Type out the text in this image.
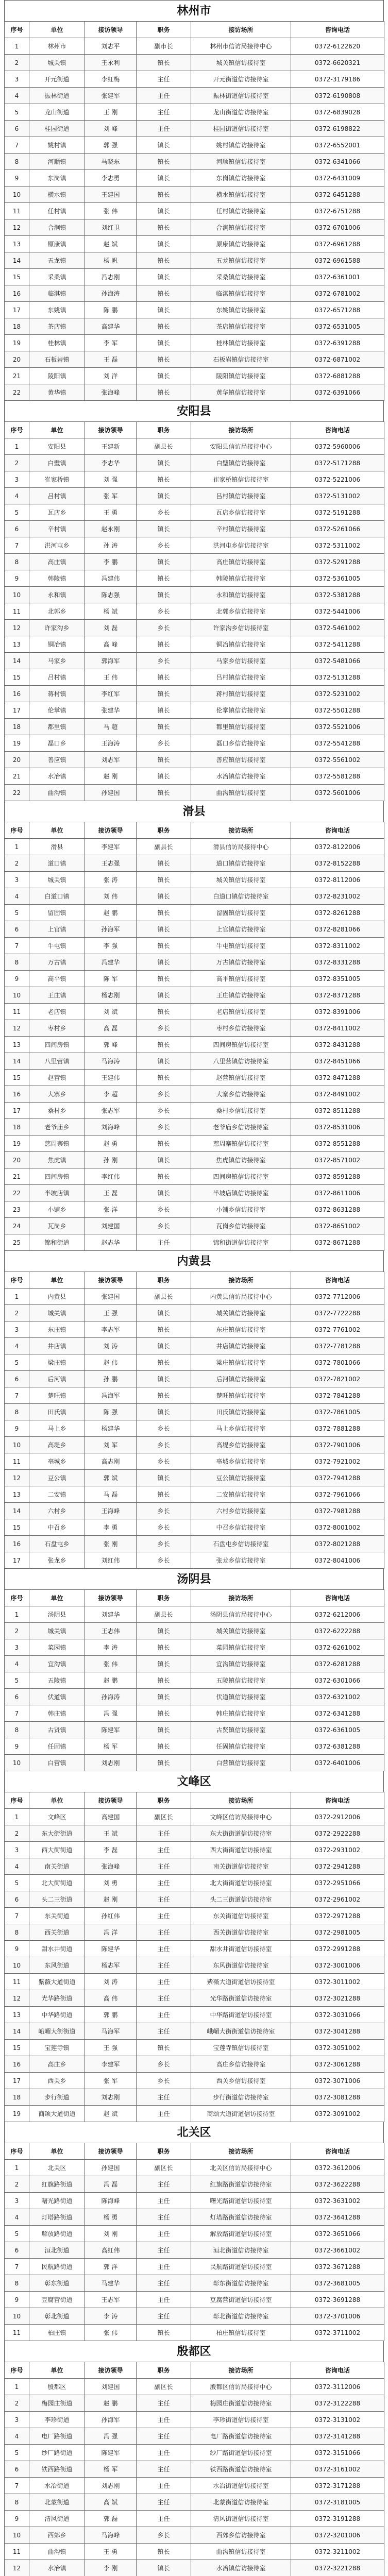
林州市
序号	单位	接访领导	职务	接访场所	咨询电话
1	林州市	刘志平	副市长	林州市信访局接待中心	0372-6122620
2	城关镇	王永利	镇长	城关镇信访接待室	0372-6620321
3	开元街道	李红梅	主任	开元街道信访接待室	0372-3179186
4	振林街道	张建军	主任	振林街道信访接待室	0372-6190808
5	龙山街道	王 刚	主任	龙山街道信访接待室	0372-6839028
6	桂园街道	刘 峰	主任	桂园街道信访接待室	0372-6198822
7	姚村镇	郭 强	镇长	姚村镇信访接待室	0372-6552001
8	河顺镇	马晓东	镇长	河顺镇信访接待室	0372-6341066
9	东岗镇	李志勇	镇长	东岗镇信访接待室	0372-6431009
10	横水镇	王建国	镇长	横水镇信访接待室	0372-6451288
11	任村镇	张 伟	镇长	任村镇信访接待室	0372-6751288
12	合涧镇	刘红卫	镇长	合涧镇信访接待室	0372-6701006
13	原康镇	赵 斌	镇长	原康镇信访接待室	0372-6961288
14	五龙镇	杨 帆	镇长	五龙镇信访接待室	0372-6961588
15	采桑镇	冯志刚	镇长	采桑镇信访接待室	0372-6361001
16	临淇镇	孙海涛	镇长	临淇镇信访接待室	0372-6781002
17	东姚镇	陈 鹏	镇长	东姚镇信访接待室	0372-6571288
18	茶店镇	高建华	镇长	茶店镇信访接待室	0372-6531005
19	桂林镇	李 军	镇长	桂林镇信访接待室	0372-6391288
20	石板岩镇	王 磊	镇长	石板岩镇信访接待室	0372-6871002
21	陵阳镇	刘 洋	镇长	陵阳镇信访接待室	0372-6881288
22	黄华镇	张海峰	镇长	黄华镇信访接待室	0372-6391066
安阳县
序号	单位	接访领导	职务	接访场所	咨询电话
1	安阳县	王建新	副县长	安阳县信访局接待中心	0372-5960006
2	白璧镇	李志华	镇长	白璧镇信访接待室	0372-5171288
3	崔家桥镇	刘 强	镇长	崔家桥镇信访接待室	0372-5221006
4	吕村镇	张 军	镇长	吕村镇信访接待室	0372-5131002
5	瓦店乡	王 勇	乡长	瓦店乡信访接待室	0372-5191288
6	辛村镇	赵永刚	镇长	辛村镇信访接待室	0372-5261066
7	洪河屯乡	孙 涛	乡长	洪河屯乡信访接待室	0372-5311002
8	高庄镇	李 鹏	镇长	高庄镇信访接待室	0372-5291288
9	韩陵镇	冯建伟	镇长	韩陵镇信访接待室	0372-5361005
10	永和镇	陈志强	镇长	永和镇信访接待室	0372-5381288
11	北郭乡	杨 斌	乡长	北郭乡信访接待室	0372-5441006
12	许家沟乡	刘 磊	乡长	许家沟乡信访接待室	0372-5461002
13	铜冶镇	高 峰	镇长	铜冶镇信访接待室	0372-5411288
14	马家乡	郭海军	乡长	马家乡信访接待室	0372-5481066
15	吕村镇	王 伟	镇长	吕村镇信访接待室	0372-5131288
16	蒋村镇	李红军	镇长	蒋村镇信访接待室	0372-5231002
17	伦掌镇	张建华	镇长	伦掌镇信访接待室	0372-5501288
18	都里镇	马 超	镇长	都里镇信访接待室	0372-5521006
19	磊口乡	王海涛	乡长	磊口乡信访接待室	0372-5541288
20	善应镇	刘志军	镇长	善应镇信访接待室	0372-5561002
21	水冶镇	赵 刚	镇长	水冶镇信访接待室	0372-5581288
22	曲沟镇	孙建国	镇长	曲沟镇信访接待室	0372-5601006
滑县
序号	单位	接访领导	职务	接访场所	咨询电话
1	滑县	李建军	副县长	滑县信访局接待中心	0372-8122006
2	道口镇	王志强	镇长	道口镇信访接待室	0372-8152288
3	城关镇	张 涛	镇长	城关镇信访接待室	0372-8112006
4	白道口镇	刘 伟	镇长	白道口镇信访接待室	0372-8231002
5	留固镇	赵 鹏	镇长	留固镇信访接待室	0372-8261288
6	上官镇	孙海军	镇长	上官镇信访接待室	0372-8281066
7	牛屯镇	李 强	镇长	牛屯镇信访接待室	0372-8311002
8	万古镇	冯建华	镇长	万古镇信访接待室	0372-8331288
9	高平镇	陈 军	镇长	高平镇信访接待室	0372-8351005
10	王庄镇	杨志刚	镇长	王庄镇信访接待室	0372-8371288
11	老店镇	刘 斌	镇长	老店镇信访接待室	0372-8391006
12	枣村乡	高 磊	乡长	枣村乡信访接待室	0372-8411002
13	四间房镇	郭 峰	镇长	四间房镇信访接待室	0372-8431288
14	八里营镇	马海涛	镇长	八里营镇信访接待室	0372-8451066
15	赵营镇	王建伟	镇长	赵营镇信访接待室	0372-8471288
16	大寨乡	李 超	乡长	大寨乡信访接待室	0372-8491002
17	桑村乡	张志军	乡长	桑村乡信访接待室	0372-8511288
18	老爷庙乡	刘海峰	乡长	老爷庙乡信访接待室	0372-8531006
19	慈周寨镇	赵 勇	镇长	慈周寨镇信访接待室	0372-8551288
20	焦虎镇	孙 刚	镇长	焦虎镇信访接待室	0372-8571002
21	四间房镇	李红伟	镇长	四间房镇信访接待室	0372-8591288
22	半坡店镇	王 磊	镇长	半坡店镇信访接待室	0372-8611006
23	小铺乡	张 洋	乡长	小铺乡信访接待室	0372-8631288
24	瓦岗乡	刘建国	乡长	瓦岗乡信访接待室	0372-8651002
25	锦和街道	赵志华	主任	锦和街道信访接待室	0372-8671288
内黄县
序号	单位	接访领导	职务	接访场所	咨询电话
1	内黄县	张建国	副县长	内黄县信访局接待中心	0372-7712006
2	城关镇	王 强	镇长	城关镇信访接待室	0372-7722288
3	东庄镇	李志军	镇长	东庄镇信访接待室	0372-7761002
4	井店镇	刘 涛	镇长	井店镇信访接待室	0372-7781288
5	梁庄镇	赵 伟	镇长	梁庄镇信访接待室	0372-7801066
6	后河镇	孙 鹏	镇长	后河镇信访接待室	0372-7821002
7	楚旺镇	冯海军	镇长	楚旺镇信访接待室	0372-7841288
8	田氏镇	陈 强	镇长	田氏镇信访接待室	0372-7861005
9	马上乡	杨建华	乡长	马上乡信访接待室	0372-7881288
10	高堤乡	刘 军	乡长	高堤乡信访接待室	0372-7901006
11	亳城乡	高志刚	乡长	亳城乡信访接待室	0372-7921002
12	豆公镇	郭 斌	镇长	豆公镇信访接待室	0372-7941288
13	二安镇	马 磊	镇长	二安镇信访接待室	0372-7961066
14	六村乡	王海峰	乡长	六村乡信访接待室	0372-7981288
15	中召乡	李 勇	乡长	中召乡信访接待室	0372-8001002
16	石盘屯乡	张 刚	乡长	石盘屯乡信访接待室	0372-8021288
17	张龙乡	刘红伟	乡长	张龙乡信访接待室	0372-8041006
汤阴县
序号	单位	接访领导	职务	接访场所	咨询电话
1	汤阴县	刘建华	副县长	汤阴县信访局接待中心	0372-6212006
2	城关镇	王志伟	镇长	城关镇信访接待室	0372-6222288
3	菜园镇	李 涛	镇长	菜园镇信访接待室	0372-6261002
4	宜沟镇	张 伟	镇长	宜沟镇信访接待室	0372-6281288
5	五陵镇	赵 鹏	镇长	五陵镇信访接待室	0372-6301066
6	伏道镇	孙海涛	镇长	伏道镇信访接待室	0372-6321002
7	韩庄镇	冯 强	镇长	韩庄镇信访接待室	0372-6341288
8	古贤镇	陈建军	镇长	古贤镇信访接待室	0372-6361005
9	任固镇	杨 军	镇长	任固镇信访接待室	0372-6381288
10	白营镇	刘志刚	镇长	白营镇信访接待室	0372-6401006
文峰区
序号	单位	接访领导	职务	接访场所	咨询电话
1	文峰区	高建国	副区长	文峰区信访局接待中心	0372-2912006
2	东大街街道	王 斌	主任	东大街街道信访接待室	0372-2922288
3	西大街街道	李 磊	主任	西大街街道信访接待室	0372-2931002
4	南关街道	张海峰	主任	南关街道信访接待室	0372-2941288
5	北大街街道	刘 勇	主任	北大街街道信访接待室	0372-2951066
6	头二三街道	赵 刚	主任	头二三街道信访接待室	0372-2961002
7	东关街道	孙红伟	主任	东关街道信访接待室	0372-2971288
8	西关街道	冯 洋	主任	西关街道信访接待室	0372-2981005
9	甜水井街道	陈建华	主任	甜水井街道信访接待室	0372-2991288
10	东风街道	杨志军	主任	东风街道信访接待室	0372-3001006
11	紫薇大道街道	刘 涛	主任	紫薇大道街道信访接待室	0372-3011002
12	光华路街道	高 伟	主任	光华路街道信访接待室	0372-3021288
13	中华路街道	郭 鹏	主任	中华路街道信访接待室	0372-3031066
14	峨嵋大街街道	马海军	主任	峨嵋大街街道信访接待室	0372-3041288
15	宝莲寺镇	王 强	镇长	宝莲寺镇信访接待室	0372-3051002
16	高庄乡	李建军	乡长	高庄乡信访接待室	0372-3061288
17	西关乡	张 军	乡长	西关乡信访接待室	0372-3071006
18	步行街道	刘志刚	主任	步行街道信访接待室	0372-3081288
19	商颂大道街道	赵 斌	主任	商颂大道街道信访接待室	0372-3091002
北关区
序号	单位	接访领导	职务	接访场所	咨询电话
1	北关区	孙建国	副区长	北关区信访局接待中心	0372-3612006
2	红旗路街道	冯 磊	主任	红旗路街道信访接待室	0372-3622288
3	曙光路街道	陈海峰	主任	曙光路街道信访接待室	0372-3631002
4	灯塔路街道	杨 勇	主任	灯塔路街道信访接待室	0372-3641288
5	解放路街道	刘 刚	主任	解放路街道信访接待室	0372-3651066
6	洹北街道	高红伟	主任	洹北街道信访接待室	0372-3661002
7	民航路街道	郭 洋	主任	民航路街道信访接待室	0372-3671288
8	彰东街道	马建华	主任	彰东街道信访接待室	0372-3681005
9	豆腐营街道	王志军	主任	豆腐营街道信访接待室	0372-3691288
10	彰北街道	李 涛	主任	彰北街道信访接待室	0372-3701006
11	柏庄镇	张 伟	镇长	柏庄镇信访接待室	0372-3711002
殷都区
序号	单位	接访领导	职务	接访场所	咨询电话
1	殷都区	刘建国	副区长	殷都区信访局接待中心	0372-3112006
2	梅园庄街道	赵 鹏	主任	梅园庄街道信访接待室	0372-3122288
3	李珍街道	孙海军	主任	李珍街道信访接待室	0372-3131002
4	电厂路街道	冯 强	主任	电厂路街道信访接待室	0372-3141288
5	纱厂路街道	陈建军	主任	纱厂路街道信访接待室	0372-3151066
6	铁西路街道	杨 军	主任	铁西路街道信访接待室	0372-3161002
7	水冶街道	刘志刚	主任	水冶街道信访接待室	0372-3171288
8	北蒙街道	高 斌	主任	北蒙街道信访接待室	0372-3181005
9	清风街道	郭 磊	主任	清风街道信访接待室	0372-3191288
10	西郊乡	马海峰	乡长	西郊乡信访接待室	0372-3201006
11	曲沟镇	王 勇	镇长	曲沟镇信访接待室	0372-3211002
12	水冶镇	李 刚	镇长	水冶镇信访接待室	0372-3221288
